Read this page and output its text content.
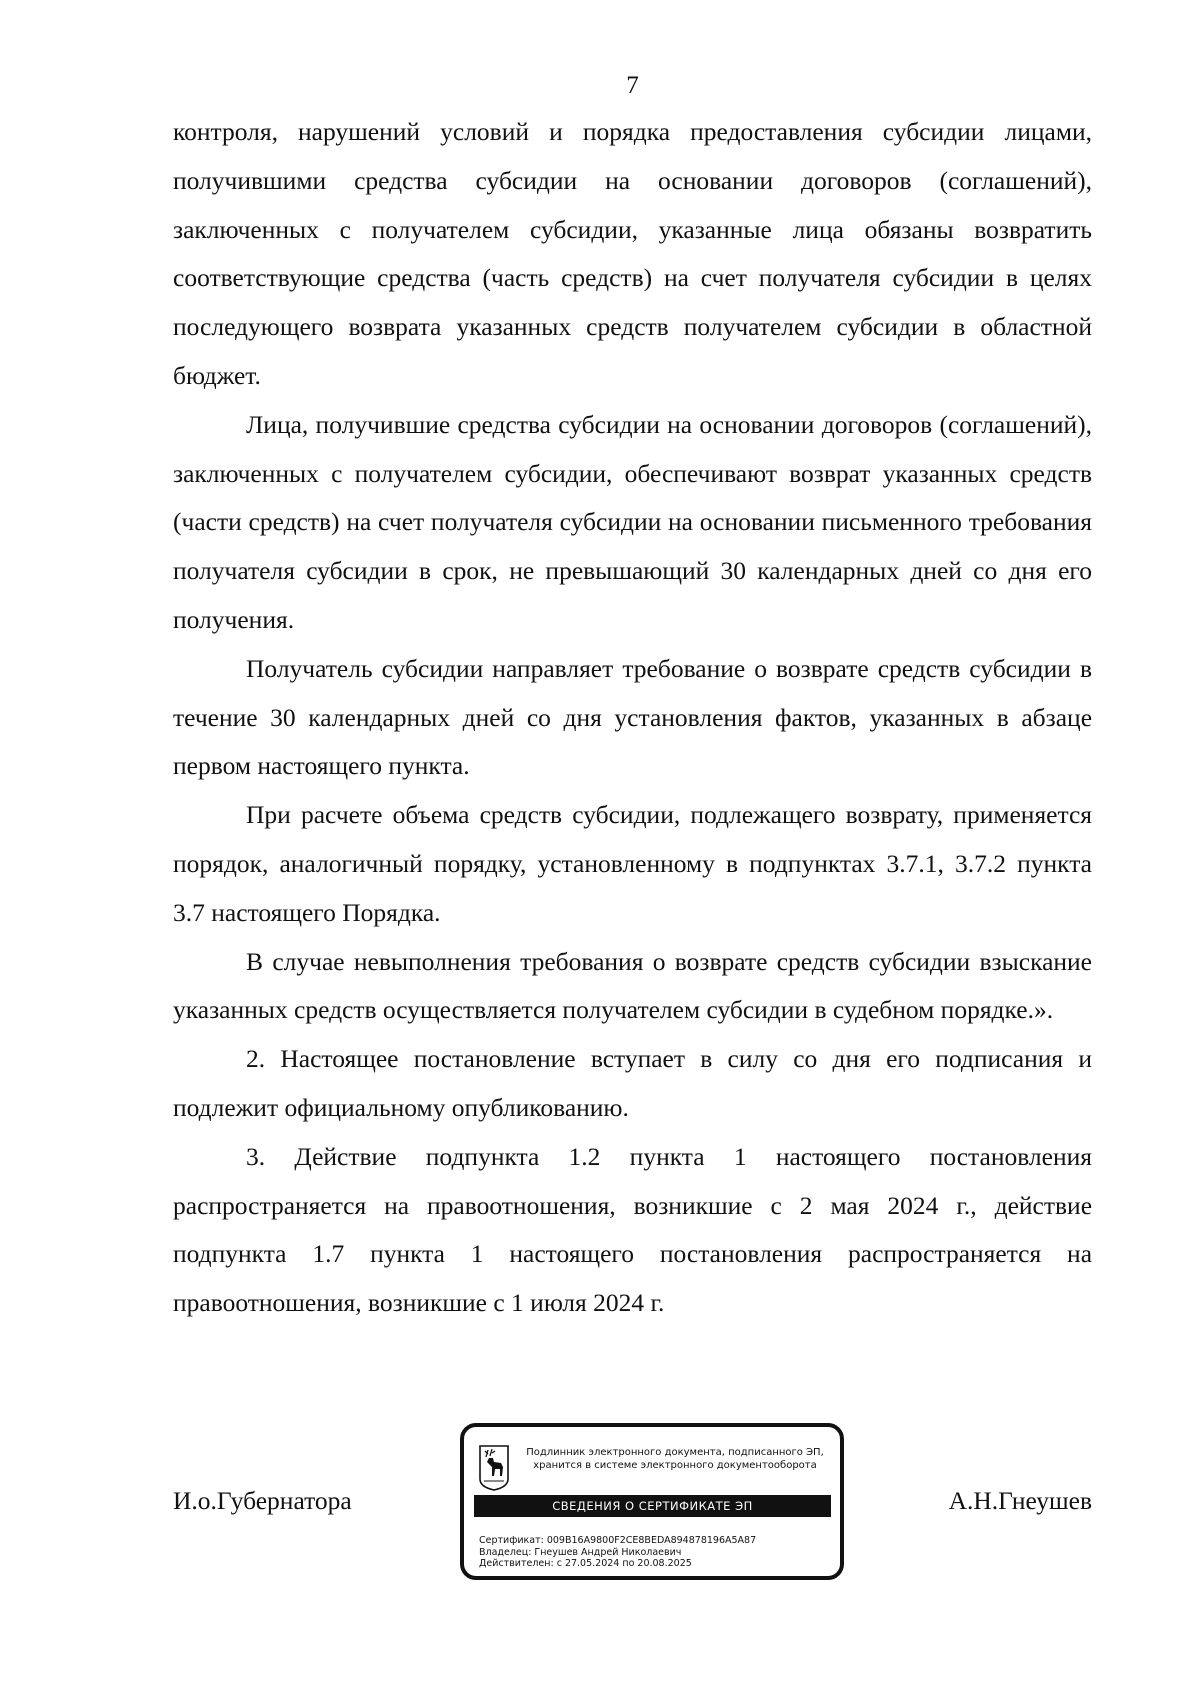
7

контроля, нарушений условий и порядка предоставления субсидии лицами, получившими средства субсидии на основании договоров (соглашений), заключенных с получателем субсидии, указанные лица обязаны возвратить соответствующие средства (часть средств) на счет получателя субсидии в целях последующего возврата указанных средств получателем субсидии в областной бюджет.

Лица, получившие средства субсидии на основании договоров (соглашений), заключенных с получателем субсидии, обеспечивают возврат указанных средств (части средств) на счет получателя субсидии на основании письменного требования получателя субсидии в срок, не превышающий 30 календарных дней со дня его получения.

Получатель субсидии направляет требование о возврате средств субсидии в течение 30 календарных дней со дня установления фактов, указанных в абзаце первом настоящего пункта.

При расчете объема средств субсидии, подлежащего возврату, применяется порядок, аналогичный порядку, установленному в подпунктах 3.7.1, 3.7.2 пункта 3.7 настоящего Порядка.

В случае невыполнения требования о возврате средств субсидии взыскание указанных средств осуществляется получателем субсидии в судебном порядке.».

2. Настоящее постановление вступает в силу со дня его подписания и подлежит официальному опубликованию.

3. Действие подпункта 1.2 пункта 1 настоящего постановления распространяется на правоотношения, возникшие с 2 мая 2024 г., действие подпункта 1.7 пункта 1 настоящего постановления распространяется на правоотношения, возникшие с 1 июля 2024 г.

И.о.Губернатора	А.Н.Гнеушев
Подлинник электронного документа, подписанного ЭП,
хранится в системе электронного документооборота
СВЕДЕНИЯ О СЕРТИФИКАТЕ ЭП
Сертификат: 009B16A9800F2CE8BEDA894878196A5A87
Владелец: Гнеушев Андрей Николаевич
Действителен: с 27.05.2024 по 20.08.2025
